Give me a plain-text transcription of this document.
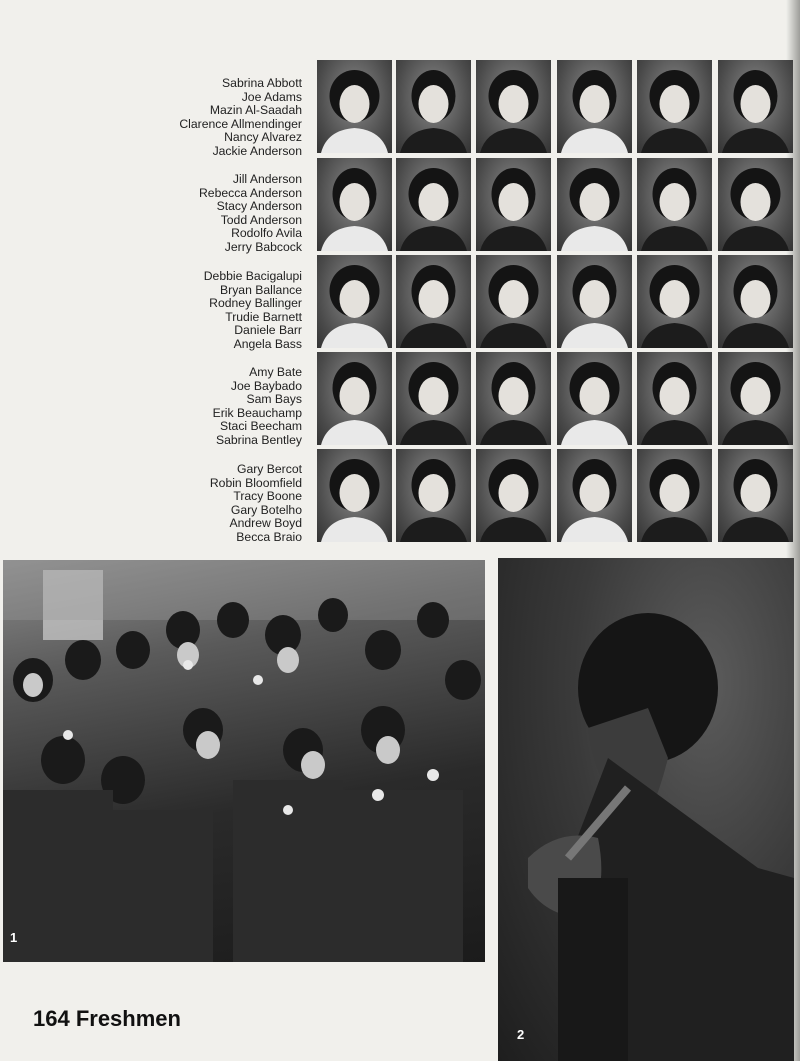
Sabrina Abbott
Joe Adams
Mazin Al-Saadah
Clarence Allmendinger
Nancy Alvarez
Jackie Anderson
Jill Anderson
Rebecca Anderson
Stacy Anderson
Todd Anderson
Rodolfo Avila
Jerry Babcock
Debbie Bacigalupi
Bryan Ballance
Rodney Ballinger
Trudie Barnett
Daniele Barr
Angela Bass
Amy Bate
Joe Baybado
Sam Bays
Erik Beauchamp
Staci Beecham
Sabrina Bentley
Gary Bercot
Robin Bloomfield
Tracy Boone
Gary Botelho
Andrew Boyd
Becca Braio
1
2
164 Freshmen
